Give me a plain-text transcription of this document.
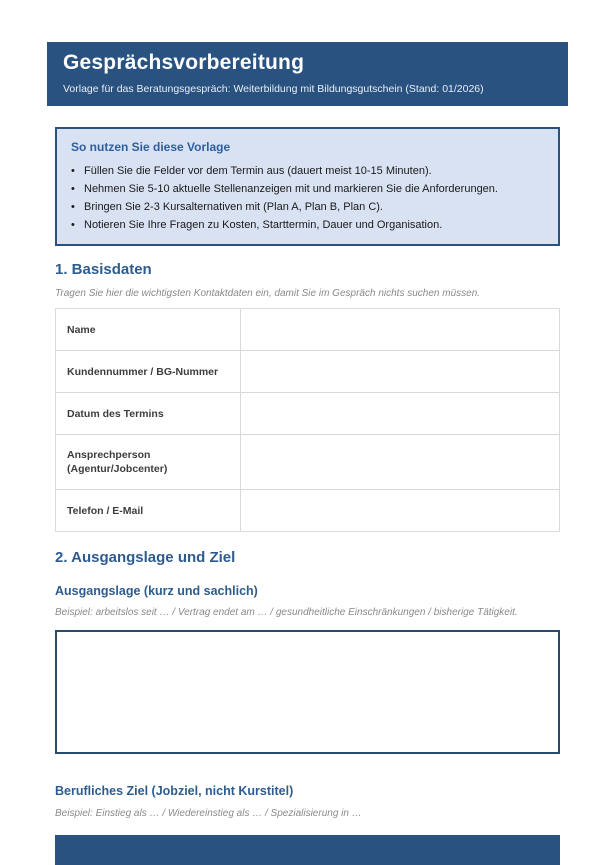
Gesprächsvorbereitung
Vorlage für das Beratungsgespräch: Weiterbildung mit Bildungsgutschein (Stand: 01/2026)
So nutzen Sie diese Vorlage
• Füllen Sie die Felder vor dem Termin aus (dauert meist 10-15 Minuten).
• Nehmen Sie 5-10 aktuelle Stellenanzeigen mit und markieren Sie die Anforderungen.
• Bringen Sie 2-3 Kursalternativen mit (Plan A, Plan B, Plan C).
• Notieren Sie Ihre Fragen zu Kosten, Starttermin, Dauer und Organisation.
1. Basisdaten

Tragen Sie hier die wichtigsten Kontaktdaten ein, damit Sie im Gespräch nichts suchen müssen.

Name	
Kundennummer / BG-Nummer	
Datum des Termins	
Ansprechperson (Agentur/Jobcenter)	
Telefon / E-Mail	
2. Ausgangslage und Ziel
Ausgangslage (kurz und sachlich)

Beispiel: arbeitslos seit … / Vertrag endet am … / gesundheitliche Einschränkungen / bisherige Tätigkeit.

Berufliches Ziel (Jobziel, nicht Kurstitel)

Beispiel: Einstieg als … / Wiedereinstieg als … / Spezialisierung in …
